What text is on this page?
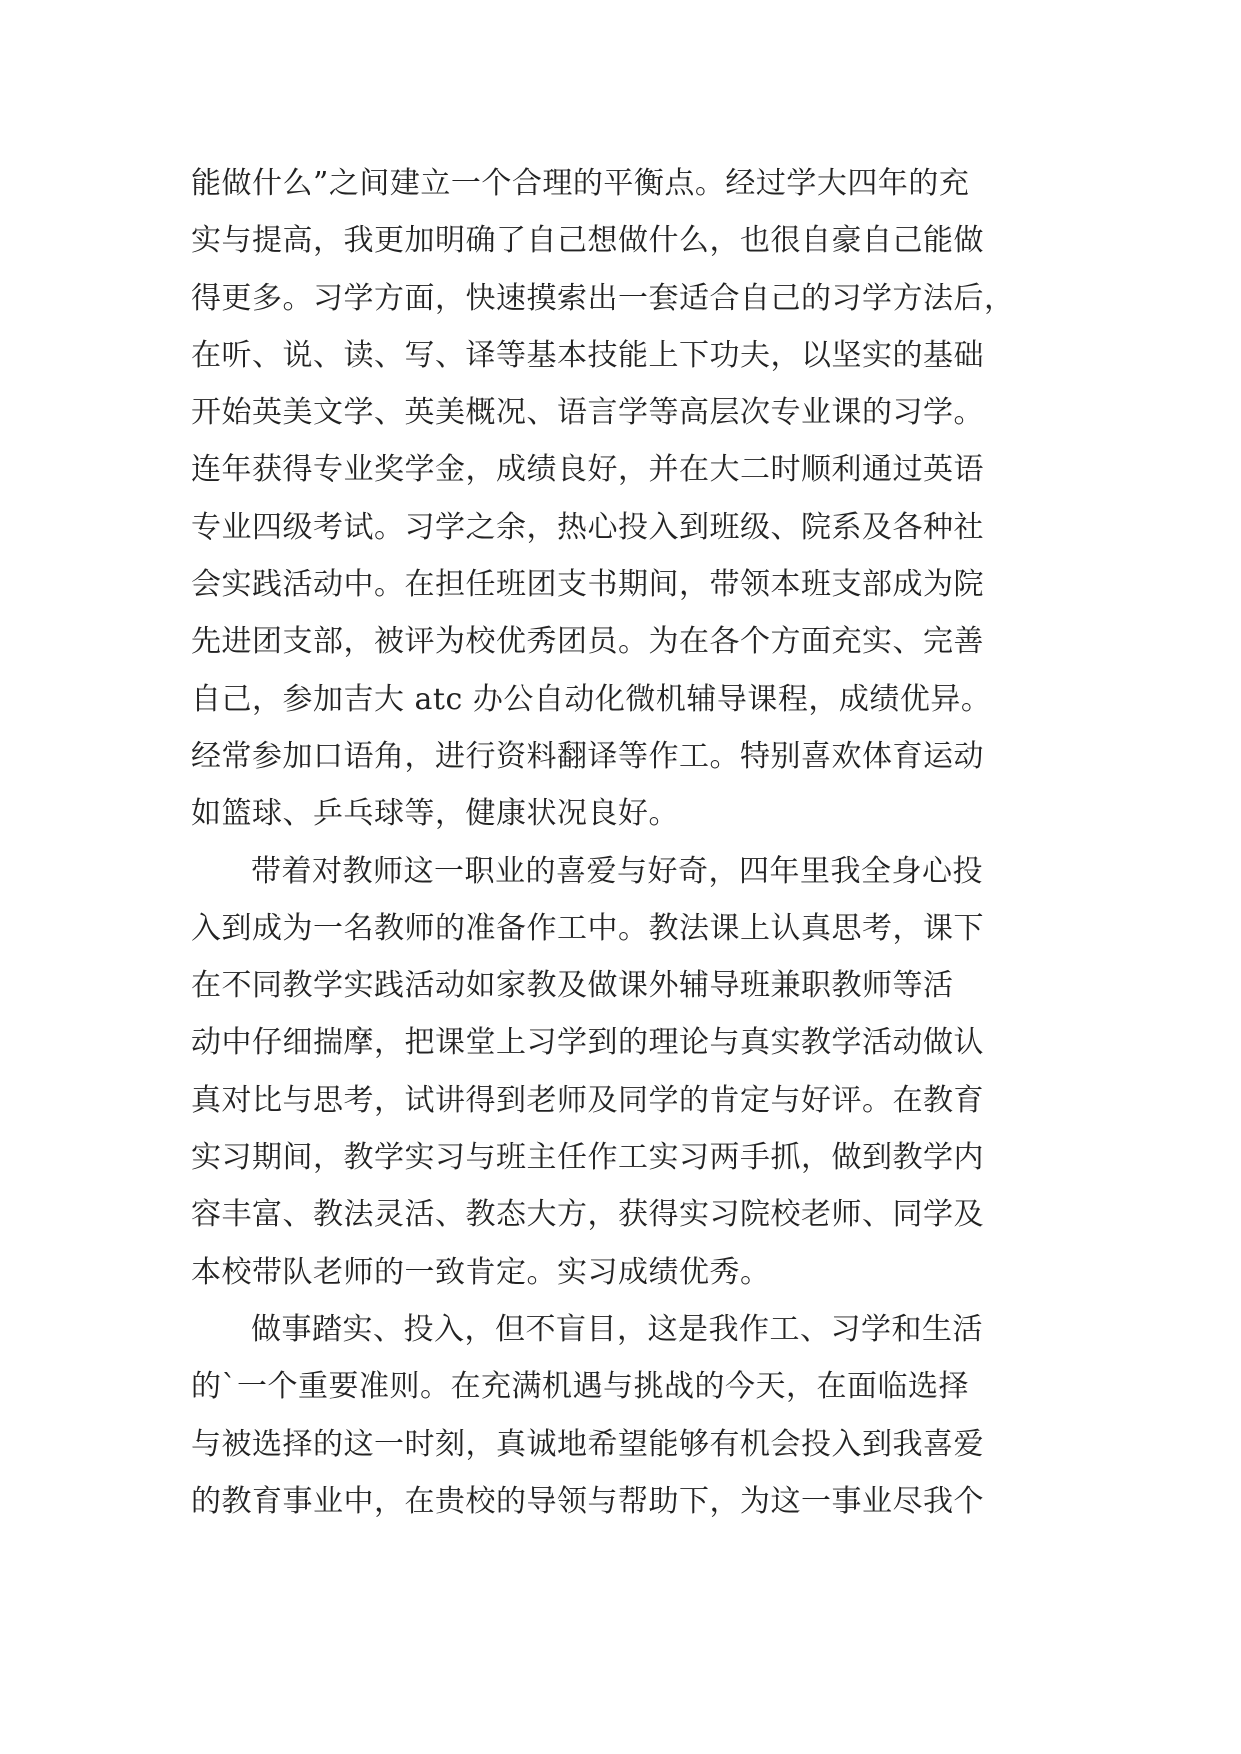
能做什么”之间建立一个合理的平衡点。经过学大四年的充
实与提高，我更加明确了自己想做什么，也很自豪自己能做
得更多。习学方面，快速摸索出一套适合自己的习学方法后，
在听、说、读、写、译等基本技能上下功夫，以坚实的基础
开始英美文学、英美概况、语言学等高层次专业课的习学。
连年获得专业奖学金，成绩良好，并在大二时顺利通过英语
专业四级考试。习学之余，热心投入到班级、院系及各种社
会实践活动中。在担任班团支书期间，带领本班支部成为院
先进团支部，被评为校优秀团员。为在各个方面充实、完善
自己，参加吉大 atc 办公自动化微机辅导课程，成绩优异。
经常参加口语角，进行资料翻译等作工。特别喜欢体育运动
如篮球、乒乓球等，健康状况良好。
带着对教师这一职业的喜爱与好奇，四年里我全身心投
入到成为一名教师的准备作工中。教法课上认真思考，课下
在不同教学实践活动如家教及做课外辅导班兼职教师等活
动中仔细揣摩，把课堂上习学到的理论与真实教学活动做认
真对比与思考，试讲得到老师及同学的肯定与好评。在教育
实习期间，教学实习与班主任作工实习两手抓，做到教学内
容丰富、教法灵活、教态大方，获得实习院校老师、同学及
本校带队老师的一致肯定。实习成绩优秀。
做事踏实、投入，但不盲目，这是我作工、习学和生活
的`一个重要准则。在充满机遇与挑战的今天，在面临选择
与被选择的这一时刻，真诚地希望能够有机会投入到我喜爱
的教育事业中，在贵校的导领与帮助下，为这一事业尽我个
